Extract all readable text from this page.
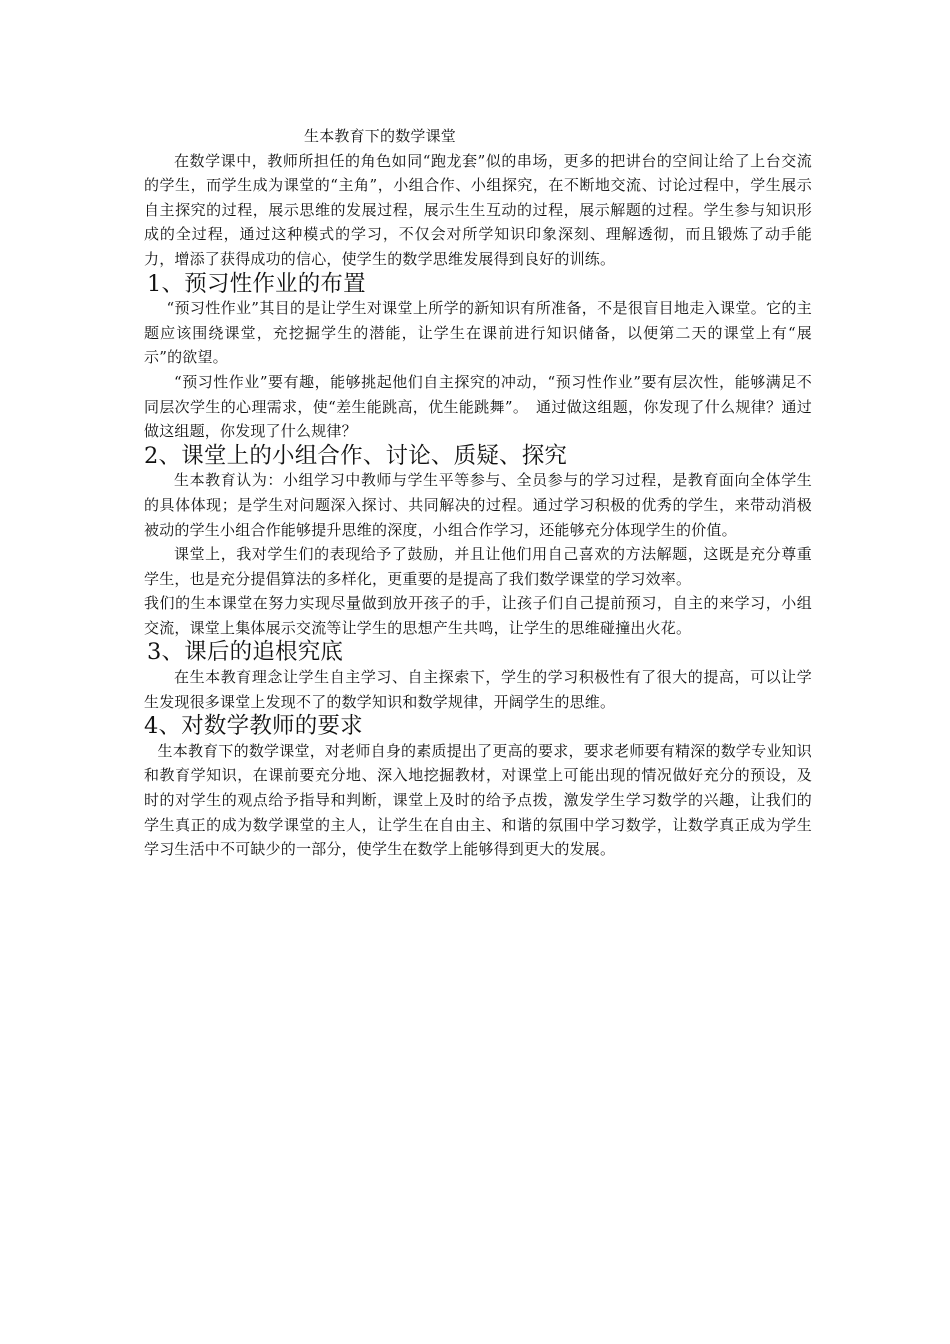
生本教育下的数学课堂

在数学课中，教师所担任的角色如同“跑龙套”似的串场，更多的把讲台的空间让给了上台交流的学生，而学生成为课堂的“主角”，小组合作、小组探究，在不断地交流、讨论过程中，学生展示自主探究的过程，展示思维的发展过程，展示生生互动的过程，展示解题的过程。学生参与知识形成的全过程，通过这种模式的学习，不仅会对所学知识印象深刻、理解透彻，而且锻炼了动手能力，增添了获得成功的信心，使学生的数学思维发展得到良好的训练。

1、预习性作业的布置

“预习性作业”其目的是让学生对课堂上所学的新知识有所准备，不是很盲目地走入课堂。它的主题应该围绕课堂，充挖掘学生的潜能，让学生在课前进行知识储备，以便第二天的课堂上有“展示”的欲望。

“预习性作业”要有趣，能够挑起他们自主探究的冲动，“预习性作业”要有层次性，能够满足不同层次学生的心理需求，使“差生能跳高，优生能跳舞”。　通过做这组题，你发现了什么规律？通过做这组题，你发现了什么规律？

2、课堂上的小组合作、讨论、质疑、探究

生本教育认为：小组学习中教师与学生平等参与、全员参与的学习过程，是教育面向全体学生的具体体现；是学生对问题深入探讨、共同解决的过程。通过学习积极的优秀的学生，来带动消极被动的学生小组合作能够提升思维的深度，小组合作学习，还能够充分体现学生的价值。

课堂上，我对学生们的表现给予了鼓励，并且让他们用自己喜欢的方法解题，这既是充分尊重学生，也是充分提倡算法的多样化，更重要的是提高了我们数学课堂的学习效率。

我们的生本课堂在努力实现尽量做到放开孩子的手，让孩子们自己提前预习，自主的来学习，小组交流，课堂上集体展示交流等让学生的思想产生共鸣，让学生的思维碰撞出火花。

3、课后的追根究底

在生本教育理念让学生自主学习、自主探索下，学生的学习积极性有了很大的提高，可以让学生发现很多课堂上发现不了的数学知识和数学规律，开阔学生的思维。

4、对数学教师的要求

生本教育下的数学课堂，对老师自身的素质提出了更高的要求，要求老师要有精深的数学专业知识和教育学知识，在课前要充分地、深入地挖掘教材，对课堂上可能出现的情况做好充分的预设，及时的对学生的观点给予指导和判断，课堂上及时的给予点拨，激发学生学习数学的兴趣，让我们的学生真正的成为数学课堂的主人，让学生在自由主、和谐的氛围中学习数学，让数学真正成为学生学习生活中不可缺少的一部分，使学生在数学上能够得到更大的发展。
